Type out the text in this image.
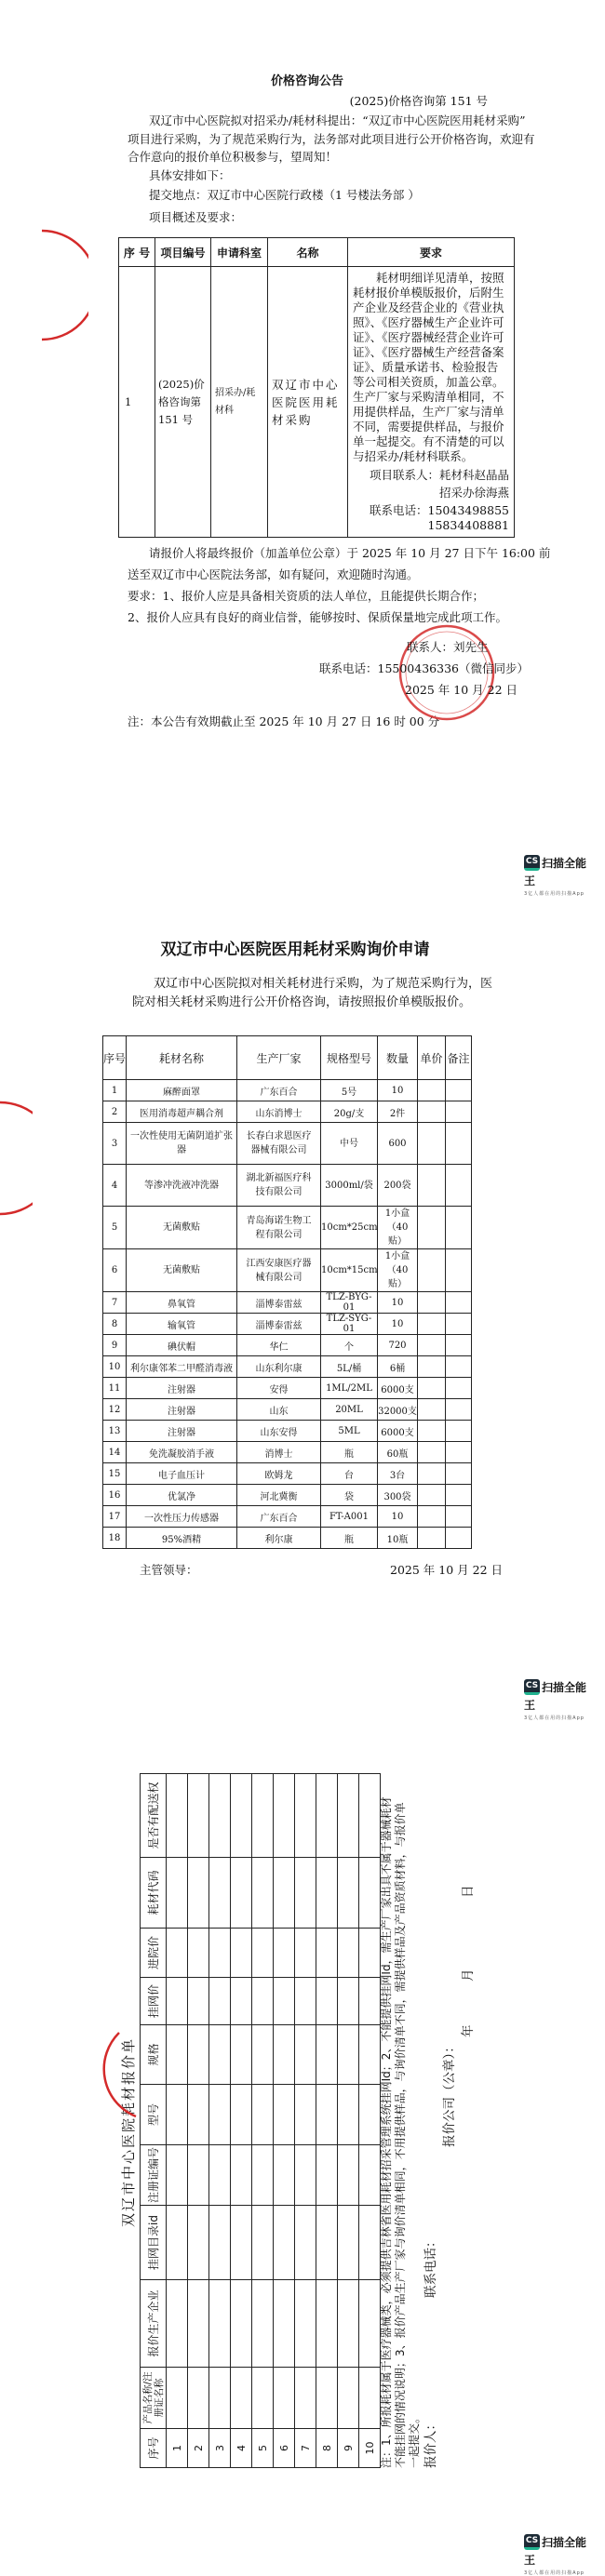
价格咨询公告
(2025)价格咨询第 151 号
双辽市中心医院拟对招采办/耗材科提出：“双辽市中心医院医用耗材采购”
项目进行采购，为了规范采购行为，法务部对此项目进行公开价格咨询，欢迎有
合作意向的报价单位积极参与，望周知！
具体安排如下：
提交地点：双辽市中心医院行政楼（1 号楼法务部 ）
项目概述及要求：
序 号	项目编号	申请科室	名称	要求
1	(2025)价格咨询第 151 号	招采办/耗材科	双辽市中心医院医用耗材采购	耗材明细详见清单，按照耗材报价单模版报价，后附生产企业及经营企业的《营业执照》、《医疗器械生产企业许可证》、《医疗器械经营企业许可证》、《医疗器械生产经营备案证》、质量承诺书、检验报告等公司相关资质，加盖公章。生产厂家与采购清单相同，不用提供样品，生产厂家与清单不同，需要提供样品，与报价单一起提交。有不清楚的可以与招采办/耗材科联系。

项目联系人：耗材科赵晶晶

招采办徐海燕

联系电话：15043498855

15834408881

请报价人将最终报价（加盖单位公章）于 2025 年 10 月 27 日下午 16:00 前
送至双辽市中心医院法务部，如有疑问，欢迎随时沟通。
要求：1、报价人应是具备相关资质的法人单位，且能提供长期合作；
2、报价人应具有良好的商业信誉，能够按时、保质保量地完成此项工作。
联系人：刘先生
联系电话：15500436336（微信同步）
2025 年 10 月 22 日
注：本公告有效期截止至 2025 年 10 月 27 日 16 时 00 分
CS 扫描全能王
3亿人都在用的扫描App
双辽市中心医院医用耗材采购询价申请
双辽市中心医院拟对相关耗材进行采购，为了规范采购行为，医
院对相关耗材采购进行公开价格咨询，请按照报价单模版报价。
序号	耗材名称	生产厂家	规格型号	数量	单价	备注
1	麻醉面罩	广东百合	5号	10		
2	医用消毒超声耦合剂	山东消博士	20g/支	2件		
3	一次性使用无菌阴道扩张器	长春白求恩医疗器械有限公司	中号	600		
4	等渗冲洗液冲洗器	湖北新福医疗科技有限公司	3000ml/袋	200袋		
5	无菌敷贴	青岛海诺生物工程有限公司	10cm*25cm	1小盒（40贴）		
6	无菌敷贴	江西安康医疗器械有限公司	10cm*15cm	1小盒（40贴）		
7	鼻氧管	淄博泰雷兹	TLZ-BYG-01	10		
8	输氧管	淄博泰雷兹	TLZ-SYG-01	10		
9	碘伏帽	华仁	个	720		
10	利尔康邻苯二甲醛消毒液	山东利尔康	5L/桶	6桶		
11	注射器	安得	1ML/2ML	6000支		
12	注射器	山东	20ML	32000支		
13	注射器	山东安得	5ML	6000支		
14	免洗凝胶消手液	消博士	瓶	60瓶		
15	电子血压计	欧姆龙	台	3台		
16	优氯净	河北冀衡	袋	300袋		
17	一次性压力传感器	广东百合	FT-A001	10		
18	95%酒精	利尔康	瓶	10瓶		
主管领导：	2025 年 10 月 22 日
CS 扫描全能王
3亿人都在用的扫描App
双辽市中心医院耗材报价单
序号	产品名称/注册证名称	报价生产企业	挂网目录id	注册证编号	型号	规格	挂网价	进院价	耗材代码	是否有配送权
1										
2										
3										
4										
5										
6										
7										
8										
9										
10										注：1、所报耗材属于医疗器械类，必须提供吉林省医用耗材招采管理系统挂网Id；2、不能提供挂网Id，需生产厂家出具不属于器械耗材 不能挂网的情况说明；3、报价产品生产厂家与询价清单相同，不用提供样品，与询价清单不同，需提供样品及产品资质材料，与报价单 一起提交。 报价人：
联系电话：
报价公司（公章）：
年
月
日
CS 扫描全能王
3亿人都在用的扫描App
